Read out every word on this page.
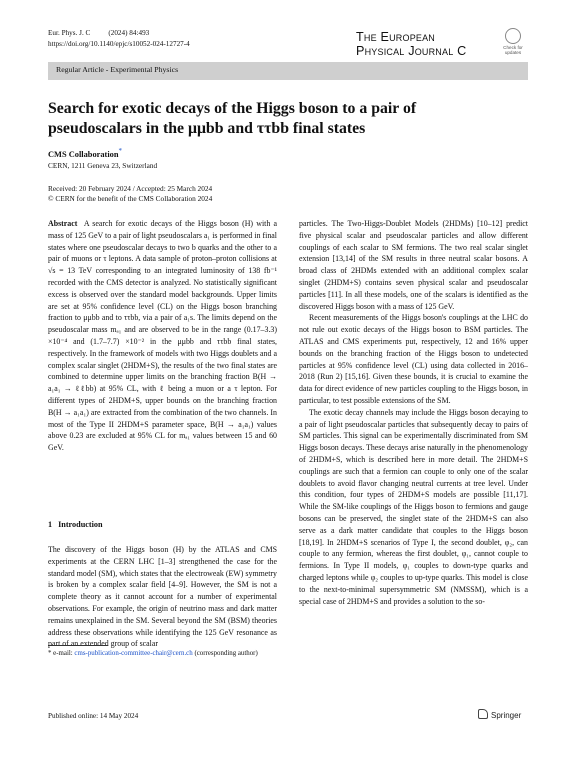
Eur. Phys. J. C	(2024) 84:493
https://doi.org/10.1140/epjc/s10052-024-12727-4	The European
Physical Journal C	Check for updates
Regular Article - Experimental Physics
Search for exotic decays of the Higgs boson to a pair of
pseudoscalars in the μμbb and ττbb final states
CMS Collaboration*
CERN, 1211 Geneva 23, Switzerland
Received: 20 February 2024 / Accepted: 25 March 2024
© CERN for the benefit of the CMS Collaboration 2024

Abstract A search for exotic decays of the Higgs boson (H) with a mass of 125 GeV to a pair of light pseudoscalars a₁ is performed in final states where one pseudoscalar decays to two b quarks and the other to a pair of muons or τ leptons. A data sample of proton–proton collisions at √s = 13 TeV corresponding to an integrated luminosity of 138 fb⁻¹ recorded with the CMS detector is analyzed. No statistically significant excess is observed over the standard model backgrounds. Upper limits are set at 95% confidence level (CL) on the Higgs boson branching fraction to μμbb and to ττbb, via a pair of a₁s. The limits depend on the pseudoscalar mass mₐ₁ and are observed to be in the range (0.17–3.3) ×10⁻⁴ and (1.7–7.7) ×10⁻² in the μμbb and ττbb final states, respectively. In the framework of models with two Higgs doublets and a complex scalar singlet (2HDM+S), the results of the two final states are combined to determine upper limits on the branching fraction B(H → a₁a₁ → ℓℓbb) at 95% CL, with ℓ being a muon or a τ lepton. For different types of 2HDM+S, upper bounds on the branching fraction B(H → a₁a₁) are extracted from the combination of the two channels. In most of the Type II 2HDM+S parameter space, B(H → a₁a₁) values above 0.23 are excluded at 95% CL for mₐ₁ values between 15 and 60 GeV.

1 Introduction

The discovery of the Higgs boson (H) by the ATLAS and CMS experiments at the CERN LHC [1–3] strengthened the case for the standard model (SM), which states that the electroweak (EW) symmetry is broken by a complex scalar field [4–9]. However, the SM is not a complete theory as it cannot account for a number of experimental observations. For example, the origin of neutrino mass and dark matter remains unexplained in the SM. Several beyond the SM (BSM) theories address these observations while identifying the 125 GeV resonance as part of an extended group of scalar

* e-mail: cms-publication-committee-chair@cern.ch (corresponding author)

particles. The Two-Higgs-Doublet Models (2HDMs) [10–12] predict five physical scalar and pseudoscalar particles and allow different couplings of each scalar to SM fermions. The two real scalar singlet extension [13,14] of the SM results in three neutral scalar bosons. A broad class of 2HDMs extended with an additional complex scalar singlet (2HDM+S) contains seven physical scalar and pseudoscalar particles [11]. In all these models, one of the scalars is identified as the discovered Higgs boson with a mass of 125 GeV.

Recent measurements of the Higgs boson's couplings at the LHC do not rule out exotic decays of the Higgs boson to BSM particles. The ATLAS and CMS experiments put, respectively, 12 and 16% upper bounds on the branching fraction of the Higgs boson to undetected particles at 95% confidence level (CL) using data collected in 2016–2018 (Run 2) [15,16]. Given these bounds, it is crucial to examine the data for direct evidence of new particles coupling to the Higgs boson, in particular, to test possible extensions of the SM.

The exotic decay channels may include the Higgs boson decaying to a pair of light pseudoscalar particles that subsequently decay to pairs of SM particles. This signal can be experimentally discriminated from SM Higgs boson decays. These decays arise naturally in the phenomenology of 2HDM+S, which is described here in more detail. The 2HDM+S couplings are such that a fermion can couple to only one of the scalar doublets to avoid flavor changing neutral currents at tree level. Under this condition, four types of 2HDM+S models are possible [11,17]. While the SM-like couplings of the Higgs boson to fermions and gauge bosons can be preserved, the singlet state of the 2HDM+S can also serve as a dark matter candidate that couples to the Higgs boson [18,19]. In 2HDM+S scenarios of Type I, the second doublet, φ₂, can couple to any fermion, whereas the first doublet, φ₁, cannot couple to fermions. In Type II models, φ₁ couples to down-type quarks and charged leptons while φ₂ couples to up-type quarks. This model is close to the next-to-minimal supersymmetric SM (NMSSM), which is a special case of 2HDM+S and provides a solution to the so-

Published online: 14 May 2024	Springer
